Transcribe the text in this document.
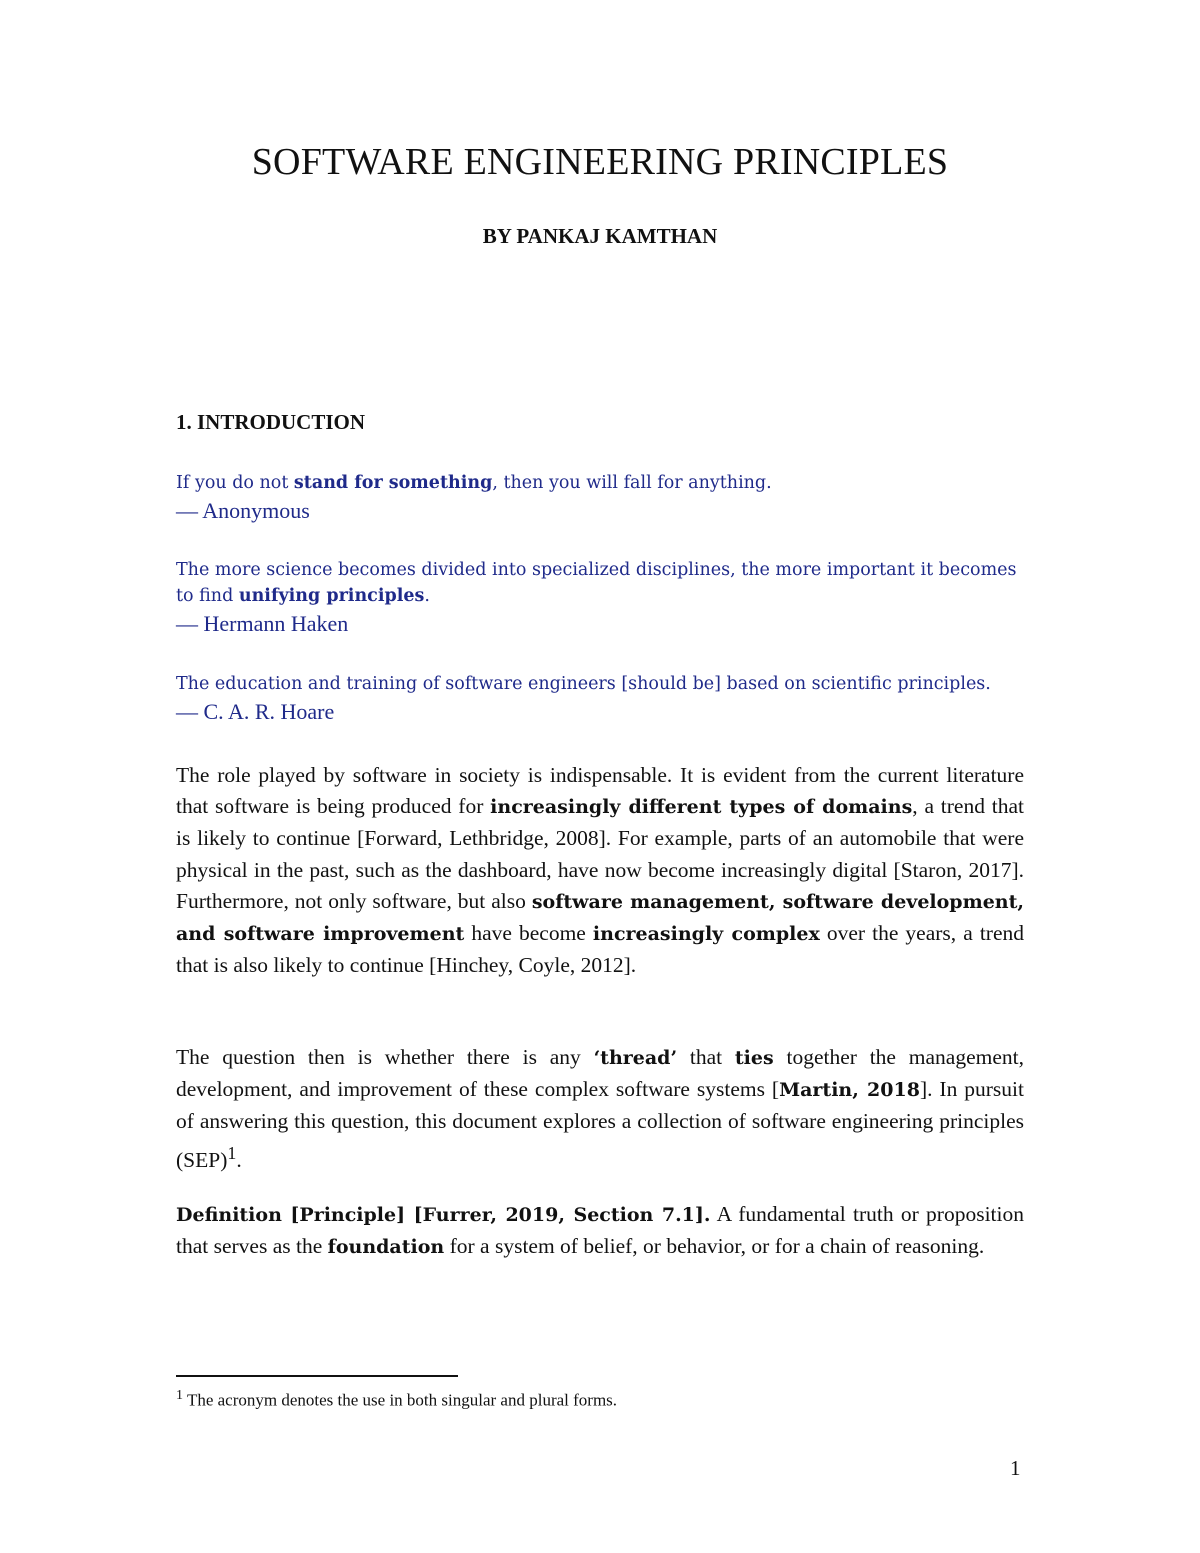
SOFTWARE ENGINEERING PRINCIPLES

BY PANKAJ KAMTHAN

1. INTRODUCTION

If you do not stand for something, then you will fall for anything.

— Anonymous

The more science becomes divided into specialized disciplines, the more important it becomes to find unifying principles.

— Hermann Haken

The education and training of software engineers [should be] based on scientific principles.

— C. A. R. Hoare

The role played by software in society is indispensable. It is evident from the current literature that software is being produced for increasingly different types of domains, a trend that is likely to continue [Forward, Lethbridge, 2008]. For example, parts of an automobile that were physical in the past, such as the dashboard, have now become increasingly digital [Staron, 2017]. Furthermore, not only software, but also software management, software development, and software improvement have become increasingly complex over the years, a trend that is also likely to continue [Hinchey, Coyle, 2012].

The question then is whether there is any ‘thread’ that ties together the management, development, and improvement of these complex software systems [Martin, 2018]. In pursuit of answering this question, this document explores a collection of software engineering principles (SEP)$^1$.

Definition [Principle] [Furrer, 2019, Section 7.1]. A fundamental truth or proposition that serves as the foundation for a system of belief, or behavior, or for a chain of reasoning.

$^1$ The acronym denotes the use in both singular and plural forms.

1
